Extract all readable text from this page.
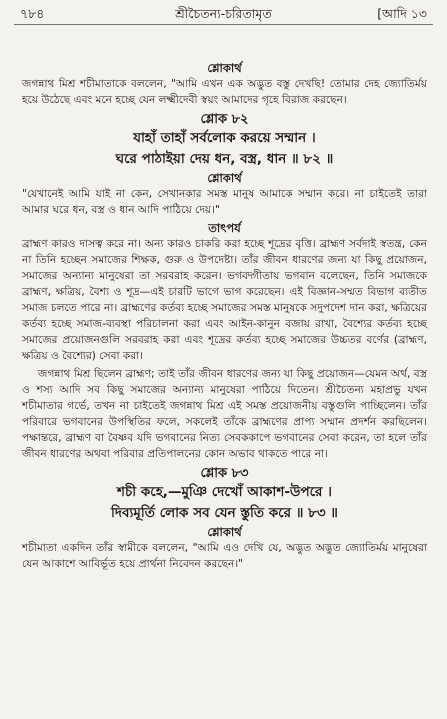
৭৮৪	শ্রীচৈতন্য-চরিতামৃত	[আদি ১৩
শ্লোকার্থ

জগন্নাথ মিশ্র শচীমাতাকে বললেন, "আমি এখন এক অদ্ভুত বস্তু দেখছি! তোমার দেহ জ্যোতির্ময় হয়ে উঠেছে এবং মনে হচ্ছে যেন লক্ষ্মীদেবী স্বয়ং আমাদের গৃহে বিরাজ করছেন।

শ্লোক ৮২
যাহাঁ তাহাঁ সর্বলোক করয়ে সম্মান ।
ঘরে পাঠাইয়া দেয় ধন, বস্ত্র, ধান ॥ ৮২ ॥
শ্লোকার্থ

"যেখানেই আমি যাই না কেন, সেখানকার সমস্ত মানুষ আমাকে সম্মান করে। না চাইতেই তারা আমার ঘরে ধন, বস্ত্র ও ধান আদি পাঠিয়ে দেয়।"

তাৎপর্য

ব্রাহ্মণ কারও দাসত্ব করে না। অন্য কারও চাকরি করা হচ্ছে শূদ্রের বৃত্তি। ব্রাহ্মণ সর্বদাই স্বতন্ত্র, কেন না তিনি হচ্ছেন সমাজের শিক্ষক, গুরু ও উপদেষ্টা। তাঁর জীবন ধারণের জন্য যা কিছু প্রয়োজন, সমাজের অন্যান্য মানুষেরা তা সরবরাহ করেন। ভগবদ্গীতায় ভগবান বলেছেন, তিনি সমাজকে ব্রাহ্মণ, ক্ষত্রিয়, বৈশ্য ও শূদ্র—এই চারটি ভাগে ভাগ করেছেন। এই বিজ্ঞান-সম্মত বিভাগ ব্যতীত সমাজ চলতে পারে না। ব্রাহ্মণের কর্তব্য হচ্ছে সমাজের সমস্ত মানুষকে সদুপদেশ দান করা, ক্ষত্রিয়ের কর্তব্য হচ্ছে সমাজ-ব্যবস্থা পরিচালনা করা এবং আইন-কানুন বজায় রাখা, বৈশ্যের কর্তব্য হচ্ছে সমাজের প্রয়োজনগুলি সরবরাহ করা এবং শূদ্রের কর্তব্য হচ্ছে সমাজের উচ্চতর বর্ণের (ব্রাহ্মণ, ক্ষত্রিয় ও বৈশ্যের) সেবা করা।

জগন্নাথ মিশ্র ছিলেন ব্রাহ্মণ; তাই তাঁর জীবন ধারণের জন্য যা কিছু প্রয়োজন—যেমন অর্থ, বস্ত্র ও শস্য আদি সব কিছু সমাজের অন্যান্য মানুষেরা পাঠিয়ে দিতেন। শ্রীচৈতন্য মহাপ্রভু যখন শচীমাতার গর্ভে, তখন না চাইতেই জগন্নাথ মিশ্র এই সমস্ত প্রয়োজনীয় বস্তুগুলি পাচ্ছিলেন। তাঁর পরিবারে ভগবানের উপস্থিতির ফলে, সকলেই তাঁকে ব্রাহ্মণের প্রাপ্য সম্মান প্রদর্শন করছিলেন। পক্ষান্তরে, ব্রাহ্মণ বা বৈষ্ণব যদি ভগবানের নিত্য সেবককাপে ভগবানের সেবা করেন, তা হলে তাঁর জীবন ধারণের অথবা পরিবার প্রতিপালনের কোন অভাব থাকতে পারে না।

শ্লোক ৮৩
শচী কহে,—মুঞি দেখোঁ আকাশ-উপরে ।
দিব্যমূর্তি লোক সব যেন স্তুতি করে ॥ ৮৩ ॥
শ্লোকার্থ

শচীমাতা একদিন তাঁর স্বামীকে বললেন, "আমি এও দেখি যে, অদ্ভুত অদ্ভুত জ্যোতির্ময় মানুষেরা যেন আকাশে আবির্ভূত হয়ে প্রার্থনা নিবেদন করছেন।"
